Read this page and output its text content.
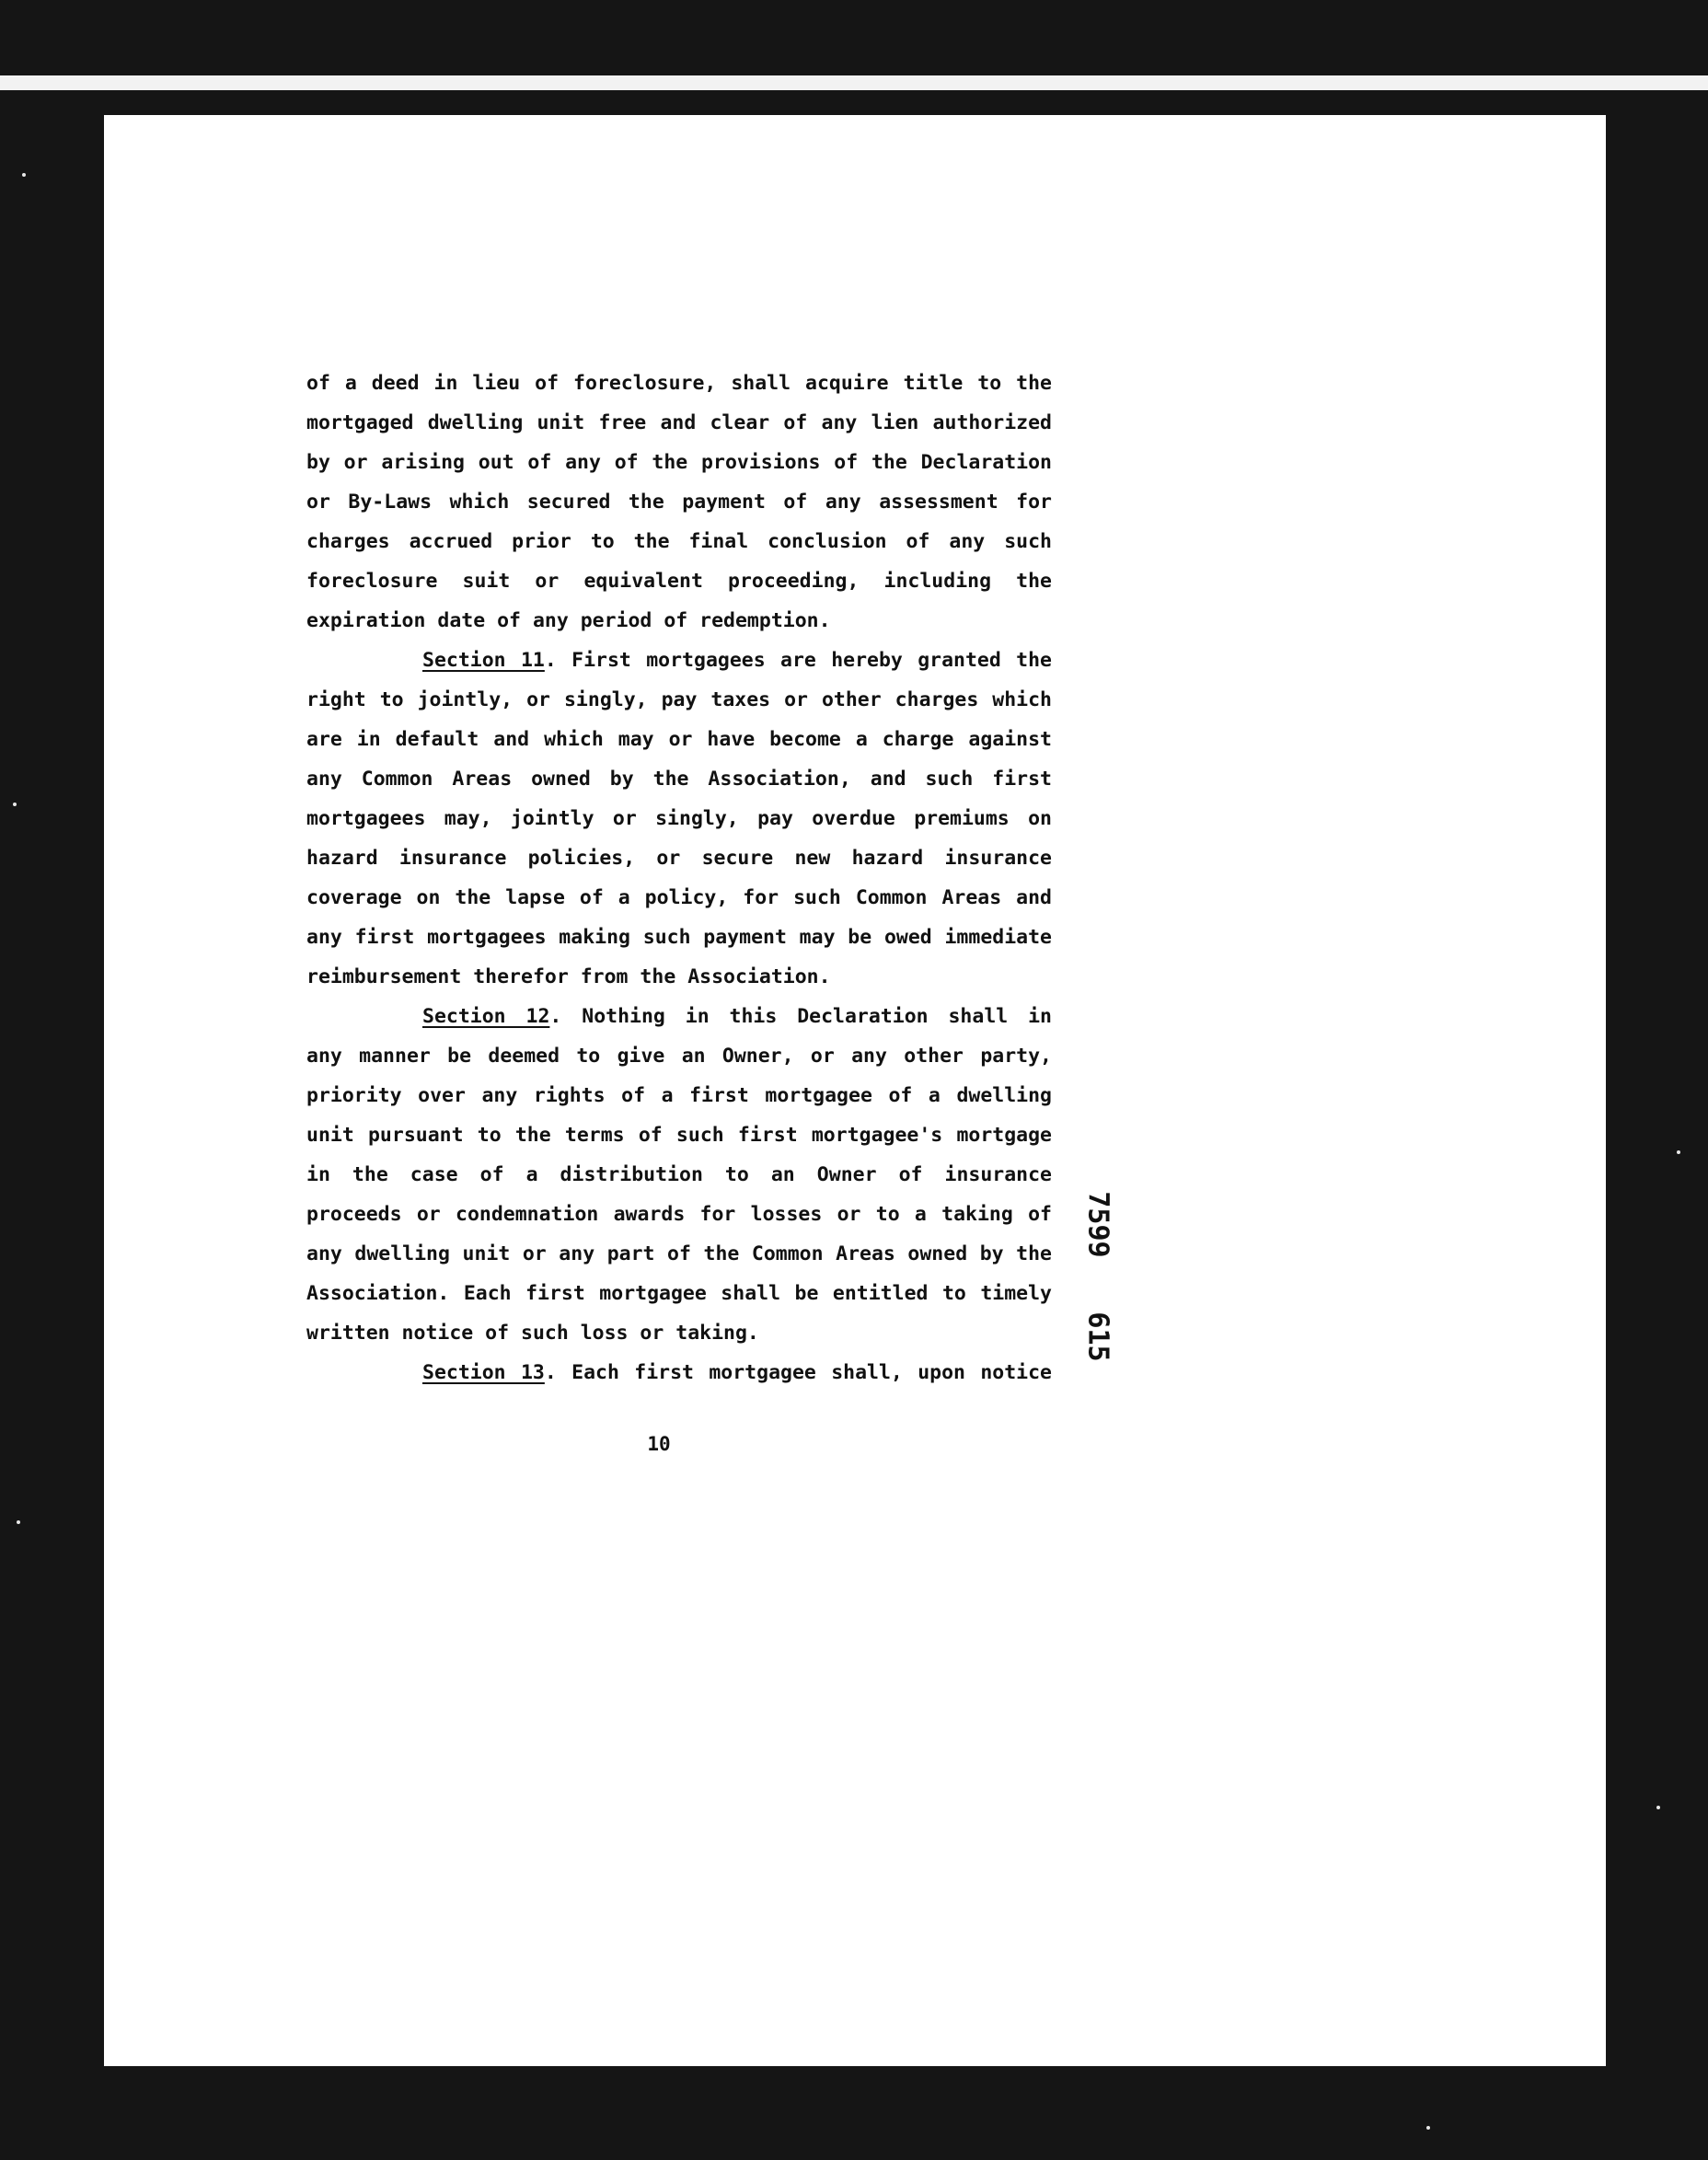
of a deed in lieu of foreclosure, shall acquire title to the
mortgaged dwelling unit free and clear of any lien authorized
by or arising out of any of the provisions of the Declaration
or By-Laws which secured the payment of any assessment for
charges accrued prior to the final conclusion of any such
foreclosure suit or equivalent proceeding, including the
expiration date of any period of redemption.
Section 11. First mortgagees are hereby granted the
right to jointly, or singly, pay taxes or other charges which
are in default and which may or have become a charge against
any Common Areas owned by the Association, and such first
mortgagees may, jointly or singly, pay overdue premiums on
hazard insurance policies, or secure new hazard insurance
coverage on the lapse of a policy, for such Common Areas and
any first mortgagees making such payment may be owed immediate
reimbursement therefor from the Association.
Section 12. Nothing in this Declaration shall in
any manner be deemed to give an Owner, or any other party,
priority over any rights of a first mortgagee of a dwelling
unit pursuant to the terms of such first mortgagee's mortgage
in the case of a distribution to an Owner of insurance
proceeds or condemnation awards for losses or to a taking of
any dwelling unit or any part of the Common Areas owned by the
Association. Each first mortgagee shall be entitled to timely
written notice of such loss or taking.
Section 13. Each first mortgagee shall, upon notice
10
7599
615
